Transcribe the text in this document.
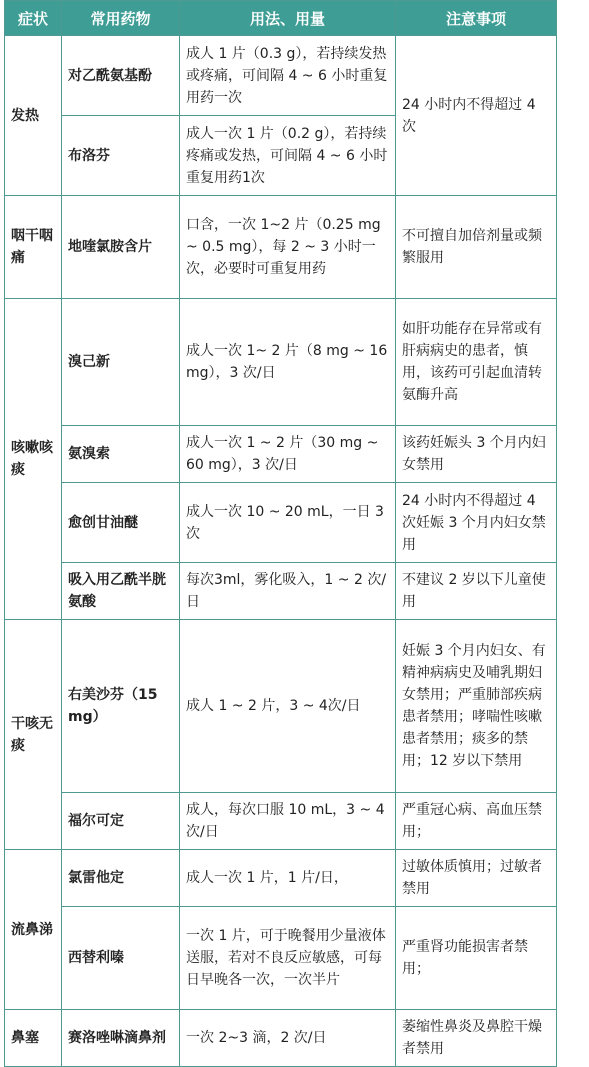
症状	常用药物	用法、用量	注意事项
发热	对乙酰氨基酚	成人 1 片（0.3 g），若持续发热或疼痛，可间隔 4 ~ 6 小时重复用药一次	24 小时内不得超过 4 次
	布洛芬	成人一次 1 片（0.2 g），若持续疼痛或发热，可间隔 4 ~ 6 小时重复用药1次	
咽干咽痛	地喹氯胺含片	口含，一次 1~2 片（0.25 mg ~ 0.5 mg），每 2 ~ 3 小时一次，必要时可重复用药	不可擅自加倍剂量或频繁服用
咳嗽咳痰	溴己新	成人一次 1~ 2 片（8 mg ~ 16 mg），3 次/日	如肝功能存在异常或有肝病病史的患者，慎用，该药可引起血清转氨酶升高
	氨溴索	成人一次 1 ~ 2 片（30 mg ~ 60 mg），3 次/日	该药妊娠头 3 个月内妇女禁用
	愈创甘油醚	成人一次 10 ~ 20 mL，一日 3 次	24 小时内不得超过 4 次妊娠 3 个月内妇女禁用
	吸入用乙酰半胱氨酸	每次3ml，雾化吸入，1 ~ 2 次/日	不建议 2 岁以下儿童使用
干咳无痰	右美沙芬（15 mg）	成人 1 ~ 2 片，3 ~ 4次/日	妊娠 3 个月内妇女、有精神病病史及哺乳期妇女禁用；严重肺部疾病患者禁用；哮喘性咳嗽患者禁用；痰多的禁用；12 岁以下禁用
	福尔可定	成人，每次口服 10 mL，3 ~ 4 次/日	严重冠心病、高血压禁用；
流鼻涕	氯雷他定	成人一次 1 片，1 片/日，	过敏体质慎用；过敏者禁用
	西替利嗪	一次 1 片，可于晚餐用少量液体送服，若对不良反应敏感，可每日早晚各一次，一次半片	严重肾功能损害者禁用；
鼻塞	赛洛唑啉滴鼻剂	一次 2~3 滴，2 次/日	萎缩性鼻炎及鼻腔干燥者禁用
